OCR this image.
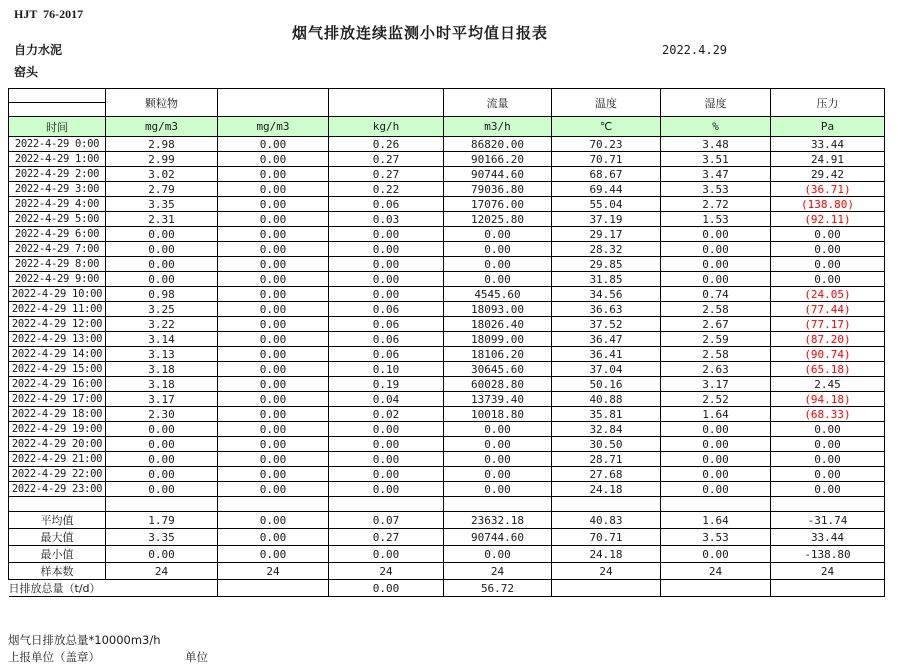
HJT  76-2017
烟气排放连续监测小时平均值日报表
自力水泥	2022.4.29
窑头
	颗粒物			流量	温度	湿度	压力

时间	mg/m3	mg/m3	kg/h	m3/h	℃	%	Pa
2022-4-29 0:00	2.98	0.00	0.26	86820.00	70.23	3.48	33.44
2022-4-29 1:00	2.99	0.00	0.27	90166.20	70.71	3.51	24.91
2022-4-29 2:00	3.02	0.00	0.27	90744.60	68.67	3.47	29.42
2022-4-29 3:00	2.79	0.00	0.22	79036.80	69.44	3.53	(36.71)
2022-4-29 4:00	3.35	0.00	0.06	17076.00	55.04	2.72	(138.80)
2022-4-29 5:00	2.31	0.00	0.03	12025.80	37.19	1.53	(92.11)
2022-4-29 6:00	0.00	0.00	0.00	0.00	29.17	0.00	0.00
2022-4-29 7:00	0.00	0.00	0.00	0.00	28.32	0.00	0.00
2022-4-29 8:00	0.00	0.00	0.00	0.00	29.85	0.00	0.00
2022-4-29 9:00	0.00	0.00	0.00	0.00	31.85	0.00	0.00
2022-4-29 10:00	0.98	0.00	0.00	4545.60	34.56	0.74	(24.05)
2022-4-29 11:00	3.25	0.00	0.06	18093.00	36.63	2.58	(77.44)
2022-4-29 12:00	3.22	0.00	0.06	18026.40	37.52	2.67	(77.17)
2022-4-29 13:00	3.14	0.00	0.06	18099.00	36.47	2.59	(87.20)
2022-4-29 14:00	3.13	0.00	0.06	18106.20	36.41	2.58	(90.74)
2022-4-29 15:00	3.18	0.00	0.10	30645.60	37.04	2.63	(65.18)
2022-4-29 16:00	3.18	0.00	0.19	60028.80	50.16	3.17	2.45
2022-4-29 17:00	3.17	0.00	0.04	13739.40	40.88	2.52	(94.18)
2022-4-29 18:00	2.30	0.00	0.02	10018.80	35.81	1.64	(68.33)
2022-4-29 19:00	0.00	0.00	0.00	0.00	32.84	0.00	0.00
2022-4-29 20:00	0.00	0.00	0.00	0.00	30.50	0.00	0.00
2022-4-29 21:00	0.00	0.00	0.00	0.00	28.71	0.00	0.00
2022-4-29 22:00	0.00	0.00	0.00	0.00	27.68	0.00	0.00
2022-4-29 23:00	0.00	0.00	0.00	0.00	24.18	0.00	0.00

平均值	1.79	0.00	0.07	23632.18	40.83	1.64	-31.74
最大值	3.35	0.00	0.27	90744.60	70.71	3.53	33.44
最小值	0.00	0.00	0.00	0.00	24.18	0.00	-138.80
样本数	24	24	24	24	24	24	24
日排放总量（t/d）			0.00	56.72			
烟气日排放总量*10000m3/h
上报单位（盖章）	单位
